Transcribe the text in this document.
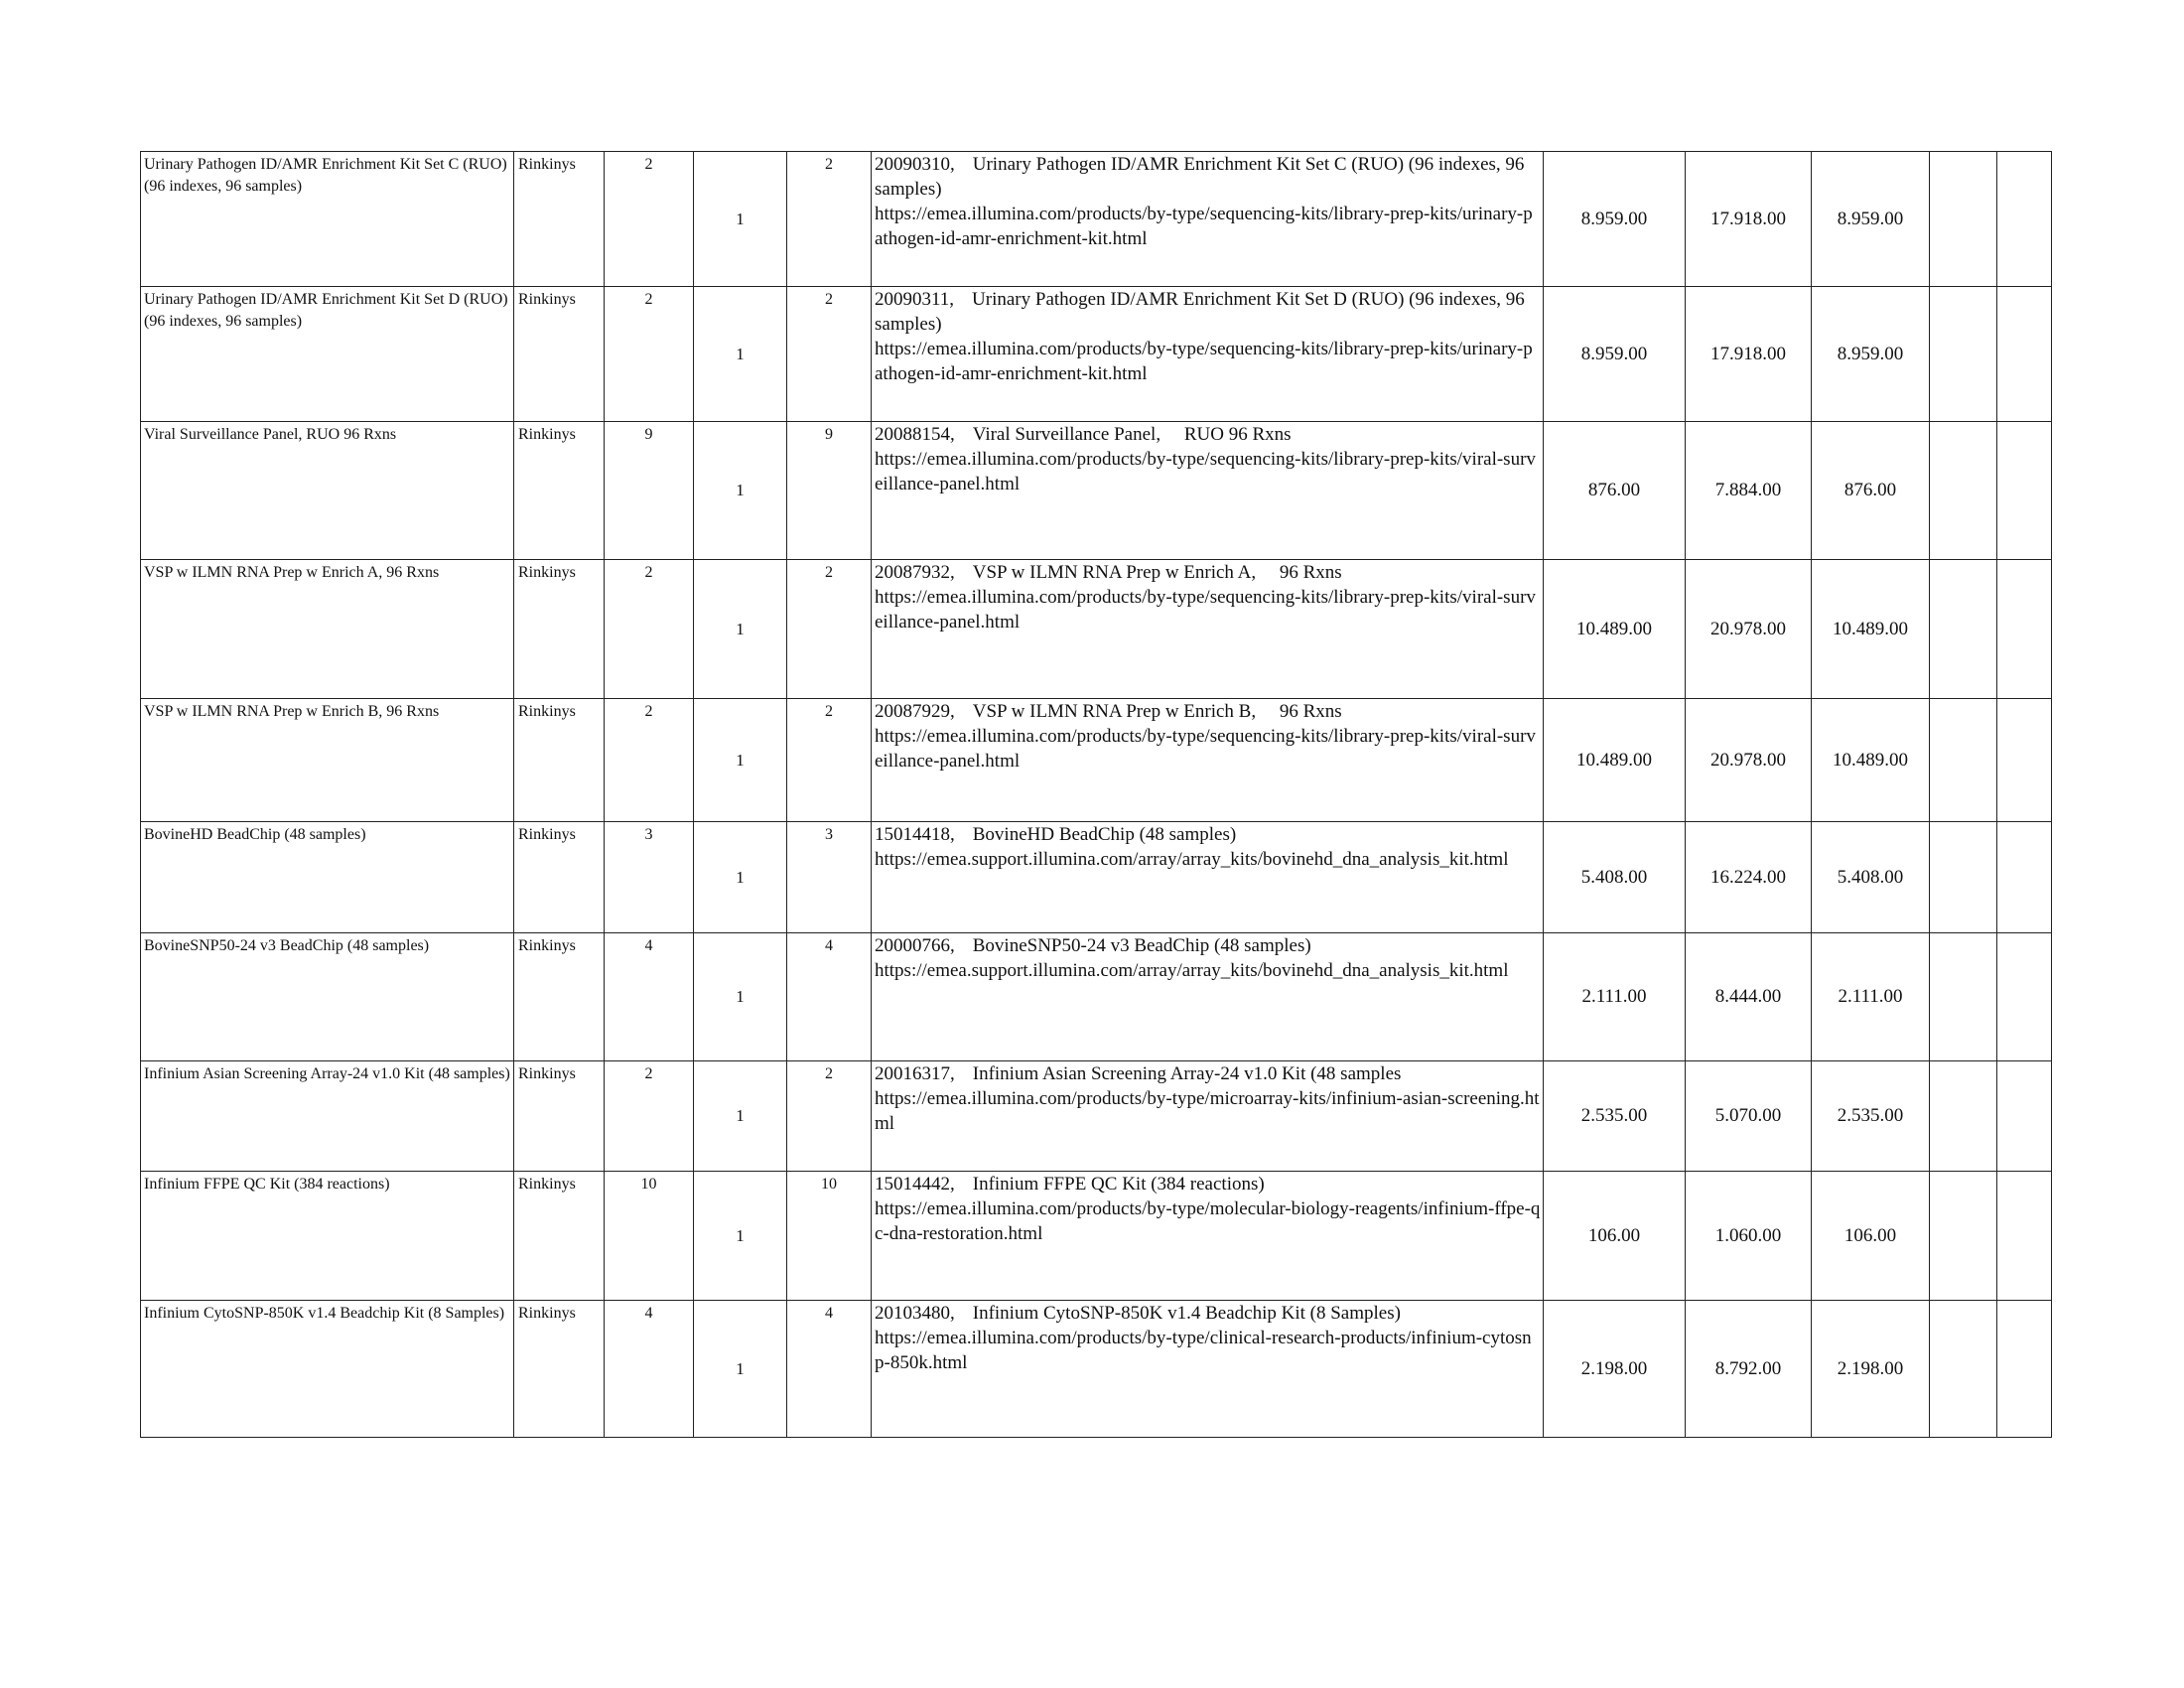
Urinary Pathogen ID/AMR Enrichment Kit Set C (RUO) (96 indexes, 96 samples)	Rinkinys	2	1	2	20090310, Urinary Pathogen ID/AMR Enrichment Kit Set C (RUO) (96 indexes, 96 samples)
https://emea.illumina.com/products/by-type/sequencing-kits/library-prep-kits/urinary-pathogen-id-amr-enrichment-kit.html	8.959.00	17.918.00	8.959.00		
Urinary Pathogen ID/AMR Enrichment Kit Set D (RUO) (96 indexes, 96 samples)	Rinkinys	2	1	2	20090311, Urinary Pathogen ID/AMR Enrichment Kit Set D (RUO) (96 indexes, 96 samples)
https://emea.illumina.com/products/by-type/sequencing-kits/library-prep-kits/urinary-pathogen-id-amr-enrichment-kit.html	8.959.00	17.918.00	8.959.00		
Viral Surveillance Panel, RUO 96 Rxns	Rinkinys	9	1	9	20088154, Viral Surveillance Panel,  RUO 96 Rxns
https://emea.illumina.com/products/by-type/sequencing-kits/library-prep-kits/viral-surveillance-panel.html	876.00	7.884.00	876.00		
VSP w ILMN RNA Prep w Enrich A, 96 Rxns	Rinkinys	2	1	2	20087932, VSP w ILMN RNA Prep w Enrich A,  96 Rxns
https://emea.illumina.com/products/by-type/sequencing-kits/library-prep-kits/viral-surveillance-panel.html	10.489.00	20.978.00	10.489.00		
VSP w ILMN RNA Prep w Enrich B, 96 Rxns	Rinkinys	2	1	2	20087929, VSP w ILMN RNA Prep w Enrich B,  96 Rxns
https://emea.illumina.com/products/by-type/sequencing-kits/library-prep-kits/viral-surveillance-panel.html	10.489.00	20.978.00	10.489.00		
BovineHD BeadChip (48 samples)	Rinkinys	3	1	3	15014418, BovineHD BeadChip (48 samples)
https://emea.support.illumina.com/array/array_kits/bovinehd_dna_analysis_kit.html	5.408.00	16.224.00	5.408.00		
BovineSNP50-24 v3 BeadChip (48 samples)	Rinkinys	4	1	4	20000766, BovineSNP50-24 v3 BeadChip (48 samples)
https://emea.support.illumina.com/array/array_kits/bovinehd_dna_analysis_kit.html	2.111.00	8.444.00	2.111.00		
Infinium Asian Screening Array-24 v1.0 Kit (48 samples)	Rinkinys	2	1	2	20016317, Infinium Asian Screening Array-24 v1.0 Kit (48 samples
https://emea.illumina.com/products/by-type/microarray-kits/infinium-asian-screening.html	2.535.00	5.070.00	2.535.00		
Infinium FFPE QC Kit (384 reactions)	Rinkinys	10	1	10	15014442, Infinium FFPE QC Kit (384 reactions)
https://emea.illumina.com/products/by-type/molecular-biology-reagents/infinium-ffpe-qc-dna-restoration.html	106.00	1.060.00	106.00		
Infinium CytoSNP-850K v1.4 Beadchip Kit (8 Samples)	Rinkinys	4	1	4	20103480, Infinium CytoSNP-850K v1.4 Beadchip Kit (8 Samples)
https://emea.illumina.com/products/by-type/clinical-research-products/infinium-cytosnp-850k.html	2.198.00	8.792.00	2.198.00		
